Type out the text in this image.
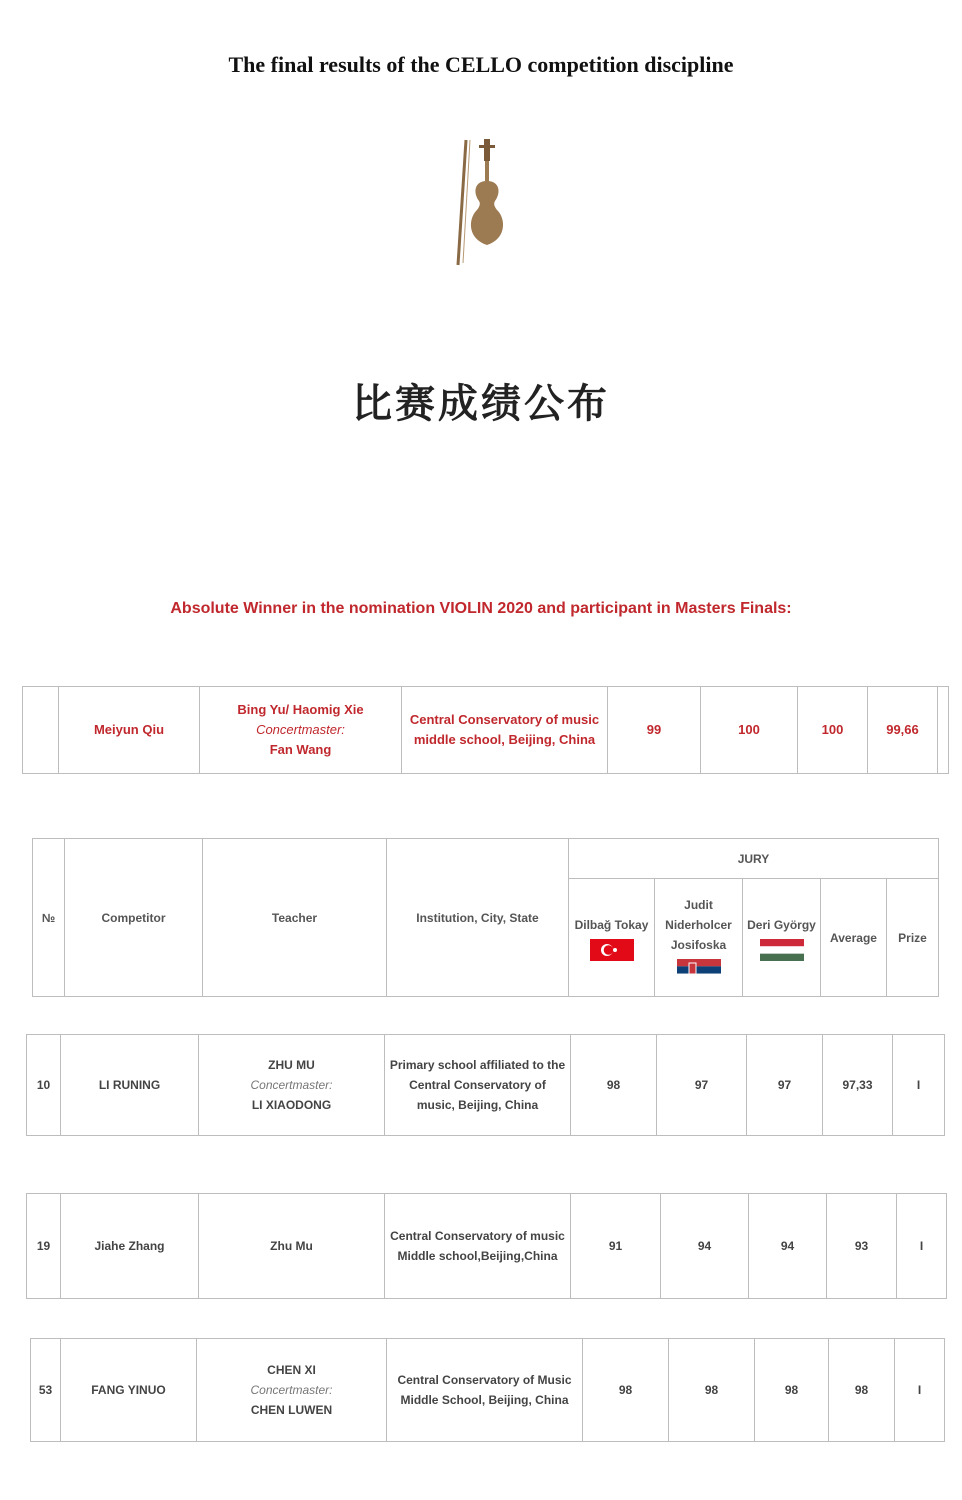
The final results of the CELLO competition discipline
比赛成绩公布
Absolute Winner in the nomination VIOLIN 2020 and participant in Masters Finals:
	Meiyun Qiu	
Bing Yu/ Haomig Xie
Concertmaster:
Fan Wang
	Central Conservatory of music middle school, Beijing, China	99	100	100	99,66	
№	Competitor	Teacher	Institution, City, State	JURY				

				Dilbağ Tokay	Judit Niderholcer Josifoska	Deri György	Average	Prize
10	LI RUNING	
ZHU MU
Concertmaster:
LI XIAODONG
	Primary school affiliated to the Central Conservatory of music, Beijing, China	98	97	97	97,33	I
19	Jiahe Zhang	Zhu Mu	Central Conservatory of music Middle school,Beijing,China	91	94	94	93	I
53	FANG YINUO	
CHEN XI
Concertmaster:
CHEN LUWEN
	Central Conservatory of Music Middle School, Beijing, China	98	98	98	98	I
